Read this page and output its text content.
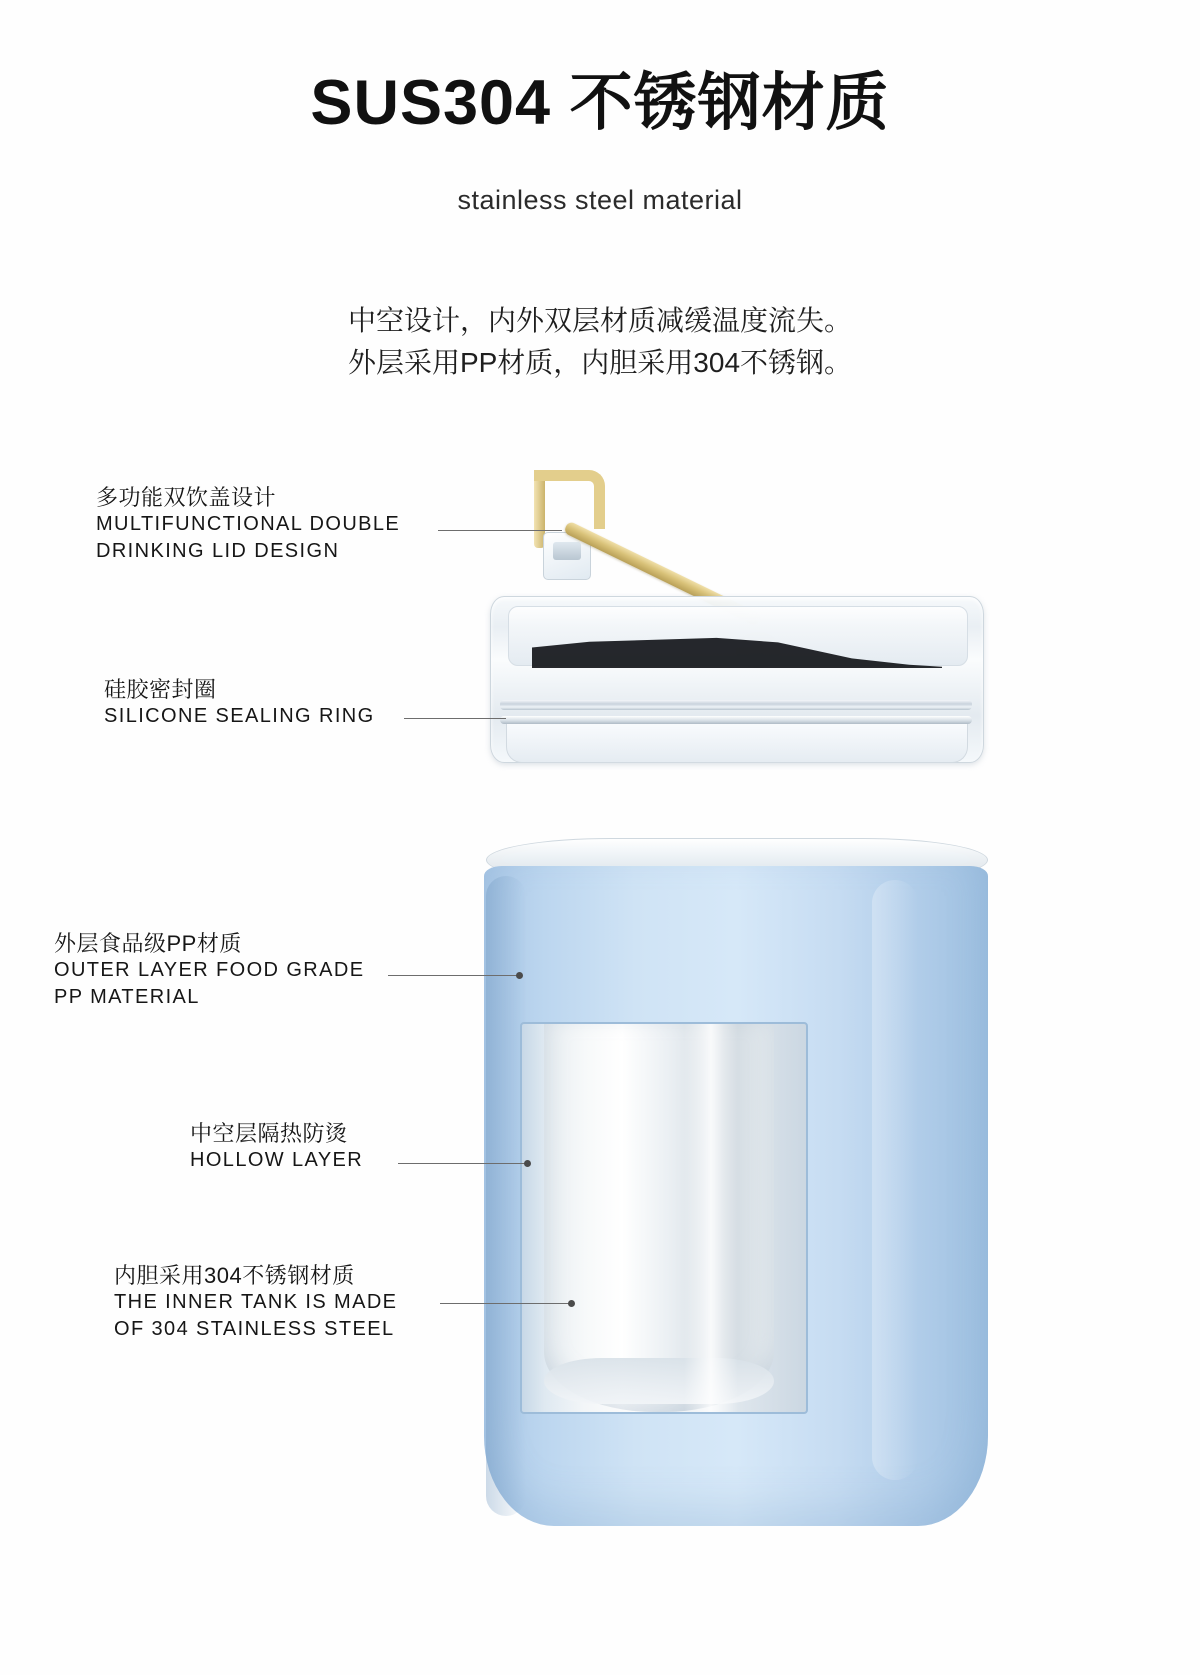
SUS304 不锈钢材质
stainless steel material
中空设计，内外双层材质减缓温度流失。
外层采用PP材质，内胆采用304不锈钢。
多功能双饮盖设计
MULTIFUNCTIONAL DOUBLE
DRINKING LID DESIGN
硅胶密封圈
SILICONE SEALING RING
外层食品级PP材质
OUTER LAYER FOOD GRADE
PP MATERIAL
中空层隔热防烫
HOLLOW LAYER
内胆采用304不锈钢材质
THE INNER TANK IS MADE
OF 304 STAINLESS STEEL
